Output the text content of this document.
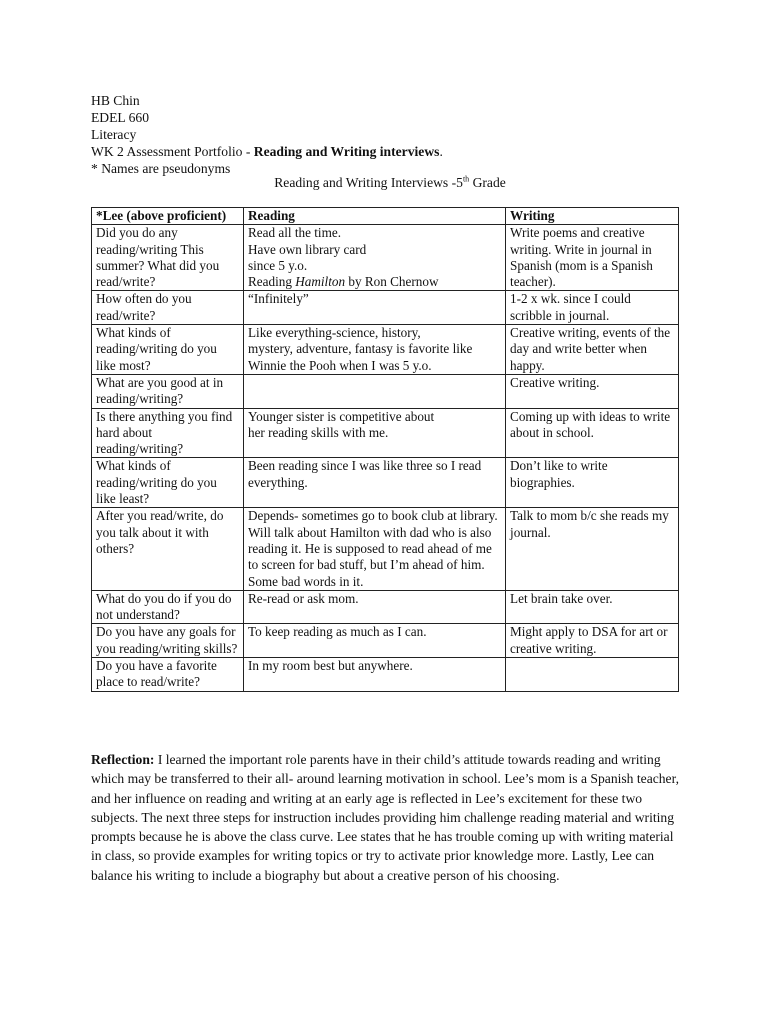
HB Chin
EDEL 660
Literacy
WK 2 Assessment Portfolio - Reading and Writing interviews.
* Names are pseudonyms
Reading and Writing Interviews -5th Grade
*Lee (above proficient)	Reading	Writing
Did you do any reading/writing This summer? What did you read/write?	Read all the time.
Have own library card
since 5 y.o.
Reading Hamilton by Ron Chernow	Write poems and creative writing. Write in journal in Spanish (mom is a Spanish teacher).
How often do you read/write?	“Infinitely”	1-2 x wk. since I could scribble in journal.
What kinds of reading/writing do you like most?	Like everything-science, history,
mystery, adventure, fantasy is favorite like
Winnie the Pooh when I was 5 y.o.	Creative writing, events of the day and write better when happy.
What are you good at in reading/writing?		Creative writing.
Is there anything you find hard about reading/writing?	Younger sister is competitive about
her reading skills with me.	Coming up with ideas to write about in school.
What kinds of reading/writing do you like least?	Been reading since I was like three so I read everything.	Don’t like to write biographies.
After you read/write, do you talk about it with others?	Depends- sometimes go to book club at library.
Will talk about Hamilton with dad who is also reading it. He is supposed to read ahead of me to screen for bad stuff, but I’m ahead of him. Some bad words in it.	Talk to mom b/c she reads my journal.
What do you do if you do not understand?	Re-read or ask mom.	Let brain take over.
Do you have any goals for you reading/writing skills?	To keep reading as much as I can.	Might apply to DSA for art or creative writing.
Do you have a favorite place to read/write?	In my room best but anywhere.	
Reflection: I learned the important role parents have in their child’s attitude towards reading and writing which may be transferred to their all- around learning motivation in school. Lee’s mom is a Spanish teacher, and her influence on reading and writing at an early age is reflected in Lee’s excitement for these two subjects. The next three steps for instruction includes providing him challenge reading material and writing prompts because he is above the class curve. Lee states that he has trouble coming up with writing material in class, so provide examples for writing topics or try to activate prior knowledge more. Lastly, Lee can balance his writing to include a biography but about a creative person of his choosing.
